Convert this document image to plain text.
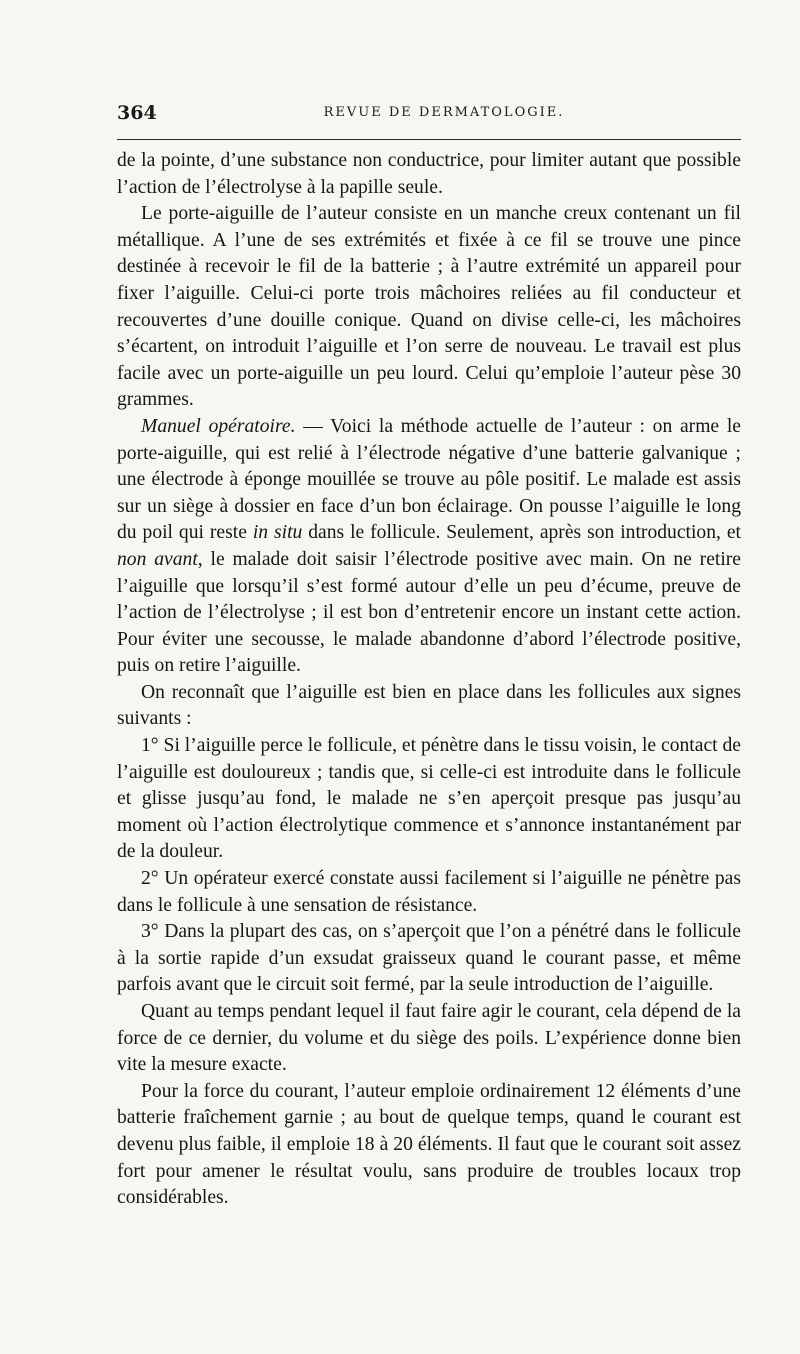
364	REVUE DE DERMATOLOGIE.

de la pointe, d’une substance non conductrice, pour limiter autant que possible l’action de l’électrolyse à la papille seule.

Le porte-aiguille de l’auteur consiste en un manche creux contenant un fil métallique. A l’une de ses extrémités et fixée à ce fil se trouve une pince destinée à recevoir le fil de la batterie ; à l’autre extrémité un appareil pour fixer l’aiguille. Celui-ci porte trois mâchoires reliées au fil conducteur et recouvertes d’une douille conique. Quand on divise celle-ci, les mâchoires s’écartent, on introduit l’aiguille et l’on serre de nouveau. Le travail est plus facile avec un porte-aiguille un peu lourd. Celui qu’emploie l’auteur pèse 30 grammes.

Manuel opératoire. — Voici la méthode actuelle de l’auteur : on arme le porte-aiguille, qui est relié à l’électrode négative d’une batterie galvanique ; une électrode à éponge mouillée se trouve au pôle positif. Le malade est assis sur un siège à dossier en face d’un bon éclairage. On pousse l’aiguille le long du poil qui reste in situ dans le follicule. Seulement, après son introduction, et non avant, le malade doit saisir l’électrode positive avec main. On ne retire l’aiguille que lorsqu’il s’est formé autour d’elle un peu d’écume, preuve de l’action de l’électrolyse ; il est bon d’entretenir encore un instant cette action. Pour éviter une secousse, le malade abandonne d’abord l’électrode positive, puis on retire l’aiguille.

On reconnaît que l’aiguille est bien en place dans les follicules aux signes suivants :

1° Si l’aiguille perce le follicule, et pénètre dans le tissu voisin, le contact de l’aiguille est douloureux ; tandis que, si celle-ci est introduite dans le follicule et glisse jusqu’au fond, le malade ne s’en aperçoit presque pas jusqu’au moment où l’action électrolytique commence et s’annonce instantanément par de la douleur.

2° Un opérateur exercé constate aussi facilement si l’aiguille ne pénètre pas dans le follicule à une sensation de résistance.

3° Dans la plupart des cas, on s’aperçoit que l’on a pénétré dans le follicule à la sortie rapide d’un exsudat graisseux quand le courant passe, et même parfois avant que le circuit soit fermé, par la seule introduction de l’aiguille.

Quant au temps pendant lequel il faut faire agir le courant, cela dépend de la force de ce dernier, du volume et du siège des poils. L’expérience donne bien vite la mesure exacte.

Pour la force du courant, l’auteur emploie ordinairement 12 éléments d’une batterie fraîchement garnie ; au bout de quelque temps, quand le courant est devenu plus faible, il emploie 18 à 20 éléments. Il faut que le courant soit assez fort pour amener le résultat voulu, sans produire de troubles locaux trop considérables.
